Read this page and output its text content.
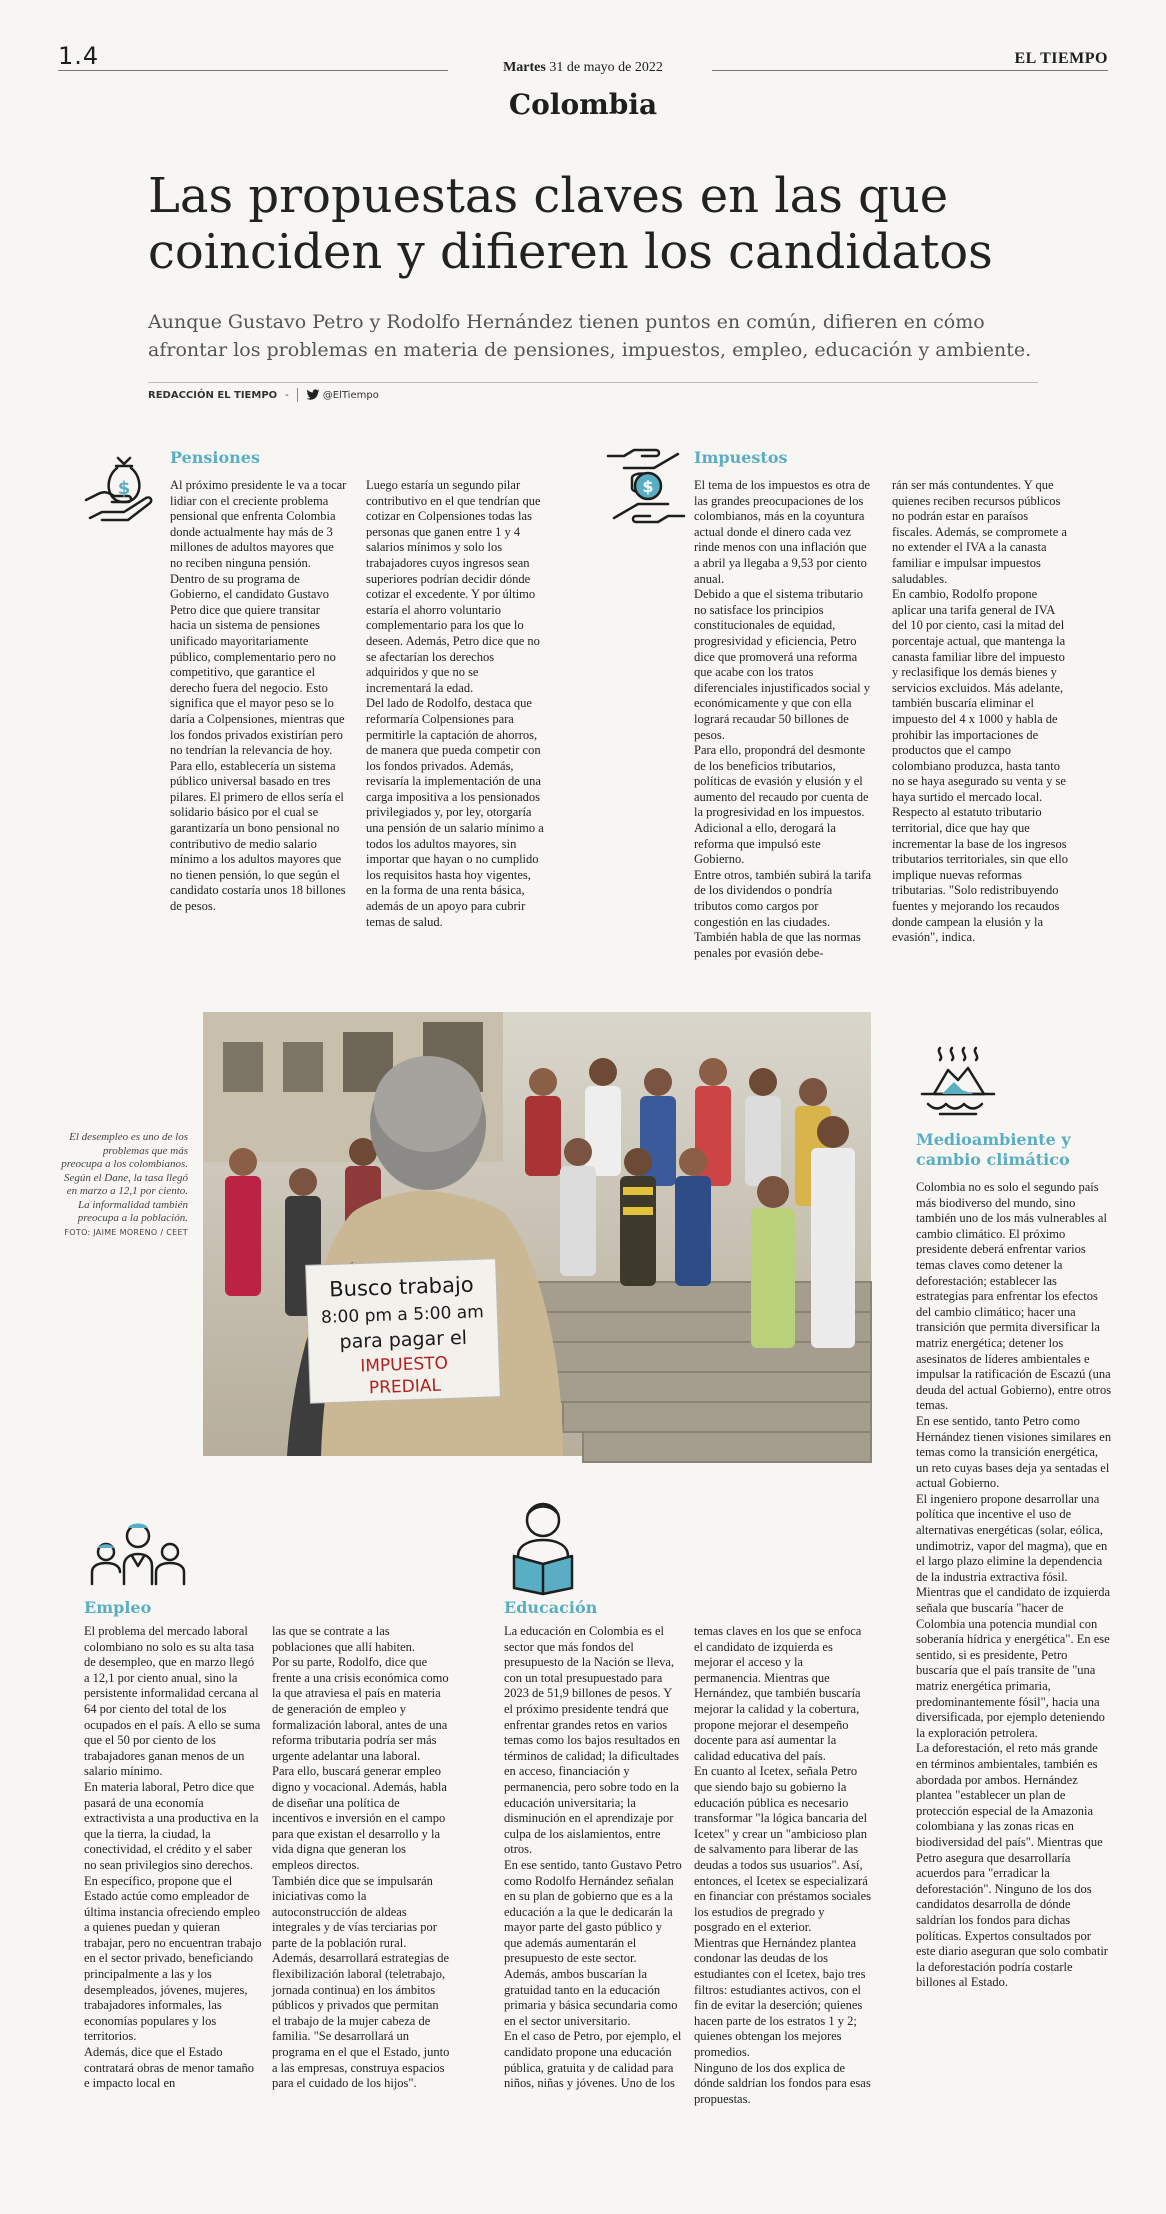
1.4	Martes 31 de mayo de 2022
EL TIEMPO
Colombia
Las propuestas claves en las que coinciden y difieren los candidatos

Aunque Gustavo Petro y Rodolfo Hernández tienen puntos en común, difieren en cómo afrontar los problemas en materia de pensiones, impuestos, empleo, educación y ambiente.

REDACCIÓN EL TIEMPO -	@ElTiempo
$
Pensiones

Al próximo presidente le va a tocar lidiar con el creciente problema pensional que enfrenta Colombia donde actualmente hay más de 3 millones de adultos mayores que no reciben ninguna pensión.

Dentro de su programa de Gobierno, el candidato Gustavo Petro dice que quiere transitar hacia un sistema de pensiones unificado mayoritariamente público, complementario pero no competitivo, que garantice el derecho fuera del negocio. Esto significa que el mayor peso se lo daría a Colpensiones, mientras que los fondos privados existirían pero no tendrían la relevancia de hoy.

Para ello, establecería un sistema público universal basado en tres pilares. El primero de ellos sería el solidario básico por el cual se garantizaría un bono pensional no contributivo de medio salario mínimo a los adultos mayores que no tienen pensión, lo que según el candidato costaría unos 18 billones de pesos.

Luego estaría un segundo pilar contributivo en el que tendrían que cotizar en Colpensiones todas las personas que ganen entre 1 y 4 salarios mínimos y solo los trabajadores cuyos ingresos sean superiores podrían decidir dónde cotizar el excedente. Y por último estaría el ahorro voluntario complementario para los que lo deseen. Además, Petro dice que no se afectarían los derechos adquiridos y que no se incrementará la edad.

Del lado de Rodolfo, destaca que reformaría Colpensiones para permitirle la captación de ahorros, de manera que pueda competir con los fondos privados. Además, revisaría la implementación de una carga impositiva a los pensionados privilegiados y, por ley, otorgaría una pensión de un salario mínimo a todos los adultos mayores, sin importar que hayan o no cumplido los requisitos hasta hoy vigentes, en la forma de una renta básica, además de un apoyo para cubrir temas de salud.

$
Impuestos

El tema de los impuestos es otra de las grandes preocupaciones de los colombianos, más en la coyuntura actual donde el dinero cada vez rinde menos con una inflación que a abril ya llegaba a 9,53 por ciento anual.

Debido a que el sistema tributario no satisface los principios constitucionales de equidad, progresividad y eficiencia, Petro dice que promoverá una reforma que acabe con los tratos diferenciales injustificados social y económicamente y que con ella logrará recaudar 50 billones de pesos.

Para ello, propondrá del desmonte de los beneficios tributarios, políticas de evasión y elusión y el aumento del recaudo por cuenta de la progresividad en los impuestos. Adicional a ello, derogará la reforma que impulsó este Gobierno.

Entre otros, también subirá la tarifa de los dividendos o pondría tributos como cargos por congestión en las ciudades. También habla de que las normas penales por evasión debe-

rán ser más contundentes. Y que quienes reciben recursos públicos no podrán estar en paraísos fiscales. Además, se compromete a no extender el IVA a la canasta familiar e impulsar impuestos saludables.

En cambio, Rodolfo propone aplicar una tarifa general de IVA del 10 por ciento, casi la mitad del porcentaje actual, que mantenga la canasta familiar libre del impuesto y reclasifique los demás bienes y servicios excluidos. Más adelante, también buscaría eliminar el impuesto del 4 x 1000 y habla de prohibir las importaciones de productos que el campo colombiano produzca, hasta tanto no se haya asegurado su venta y se haya surtido el mercado local. Respecto al estatuto tributario territorial, dice que hay que incrementar la base de los ingresos tributarios territoriales, sin que ello implique nuevas reformas tributarias. "Solo redistribuyendo fuentes y mejorando los recaudos donde campean la elusión y la evasión", indica.

El desempleo es uno de los problemas que más preocupa a los colombianos. Según el Dane, la tasa llegó en marzo a 12,1 por ciento. La informalidad también preocupa a la población. FOTO: JAIME MORENO / CEET
Busco trabajo
8:00 pm a 5:00 am
para pagar el
IMPUESTO
PREDIAL
Medioambiente y cambio climático

Colombia no es solo el segundo país más biodiverso del mundo, sino también uno de los más vulnerables al cambio climático. El próximo presidente deberá enfrentar varios temas claves como detener la deforestación; establecer las estrategias para enfrentar los efectos del cambio climático; hacer una transición que permita diversificar la matriz energética; detener los asesinatos de líderes ambientales e impulsar la ratificación de Escazú (una deuda del actual Gobierno), entre otros temas.

En ese sentido, tanto Petro como Hernández tienen visiones similares en temas como la transición energética, un reto cuyas bases deja ya sentadas el actual Gobierno.

El ingeniero propone desarrollar una política que incentive el uso de alternativas energéticas (solar, eólica, undimotriz, vapor del magma), que en el largo plazo elimine la dependencia de la industria extractiva fósil. Mientras que el candidato de izquierda señala que buscaría "hacer de Colombia una potencia mundial con soberanía hídrica y energética". En ese sentido, si es presidente, Petro buscaría que el país transite de "una matriz energética primaria, predominantemente fósil", hacia una diversificada, por ejemplo deteniendo la exploración petrolera.

La deforestación, el reto más grande en términos ambientales, también es abordada por ambos. Hernández plantea "establecer un plan de protección especial de la Amazonia colombiana y las zonas ricas en biodiversidad del país". Mientras que Petro asegura que desarrollaría acuerdos para "erradicar la deforestación". Ninguno de los dos candidatos desarrolla de dónde saldrían los fondos para dichas políticas. Expertos consultados por este diario aseguran que solo combatir la deforestación podría costarle billones al Estado.

Empleo

El problema del mercado laboral colombiano no solo es su alta tasa de desempleo, que en marzo llegó a 12,1 por ciento anual, sino la persistente informalidad cercana al 64 por ciento del total de los ocupados en el país. A ello se suma que el 50 por ciento de los trabajadores ganan menos de un salario mínimo.

En materia laboral, Petro dice que pasará de una economía extractivista a una productiva en la que la tierra, la ciudad, la conectividad, el crédito y el saber no sean privilegios sino derechos. En específico, propone que el Estado actúe como empleador de última instancia ofreciendo empleo a quienes puedan y quieran trabajar, pero no encuentran trabajo en el sector privado, beneficiando principalmente a las y los desempleados, jóvenes, mujeres, trabajadores informales, las economías populares y los territorios.

Además, dice que el Estado contratará obras de menor tamaño e impacto local en

las que se contrate a las poblaciones que allí habiten.

Por su parte, Rodolfo, dice que frente a una crisis económica como la que atraviesa el país en materia de generación de empleo y formalización laboral, antes de una reforma tributaria podría ser más urgente adelantar una laboral.

Para ello, buscará generar empleo digno y vocacional. Además, habla de diseñar una política de incentivos e inversión en el campo para que existan el desarrollo y la vida digna que generan los empleos directos.

También dice que se impulsarán iniciativas como la autoconstrucción de aldeas integrales y de vías terciarias por parte de la población rural. Además, desarrollará estrategias de flexibilización laboral (teletrabajo, jornada continua) en los ámbitos públicos y privados que permitan el trabajo de la mujer cabeza de familia. "Se desarrollará un programa en el que el Estado, junto a las empresas, construya espacios para el cuidado de los hijos".

Educación

La educación en Colombia es el sector que más fondos del presupuesto de la Nación se lleva, con un total presupuestado para 2023 de 51,9 billones de pesos. Y el próximo presidente tendrá que enfrentar grandes retos en varios temas como los bajos resultados en términos de calidad; la dificultades en acceso, financiación y permanencia, pero sobre todo en la educación universitaria; la disminución en el aprendizaje por culpa de los aislamientos, entre otros.

En ese sentido, tanto Gustavo Petro como Rodolfo Hernández señalan en su plan de gobierno que es a la educación a la que le dedicarán la mayor parte del gasto público y que además aumentarán el presupuesto de este sector. Además, ambos buscarían la gratuidad tanto en la educación primaria y básica secundaria como en el sector universitario.

En el caso de Petro, por ejemplo, el candidato propone una educación pública, gratuita y de calidad para niños, niñas y jóvenes. Uno de los

temas claves en los que se enfoca el candidato de izquierda es mejorar el acceso y la permanencia. Mientras que Hernández, que también buscaría mejorar la calidad y la cobertura, propone mejorar el desempeño docente para así aumentar la calidad educativa del país.

En cuanto al Icetex, señala Petro que siendo bajo su gobierno la educación pública es necesario transformar "la lógica bancaria del Icetex" y crear un "ambicioso plan de salvamento para liberar de las deudas a todos sus usuarios". Así, entonces, el Icetex se especializará en financiar con préstamos sociales los estudios de pregrado y posgrado en el exterior.

Mientras que Hernández plantea condonar las deudas de los estudiantes con el Icetex, bajo tres filtros: estudiantes activos, con el fin de evitar la deserción; quienes hacen parte de los estratos 1 y 2; quienes obtengan los mejores promedios.

Ninguno de los dos explica de dónde saldrían los fondos para esas propuestas.
